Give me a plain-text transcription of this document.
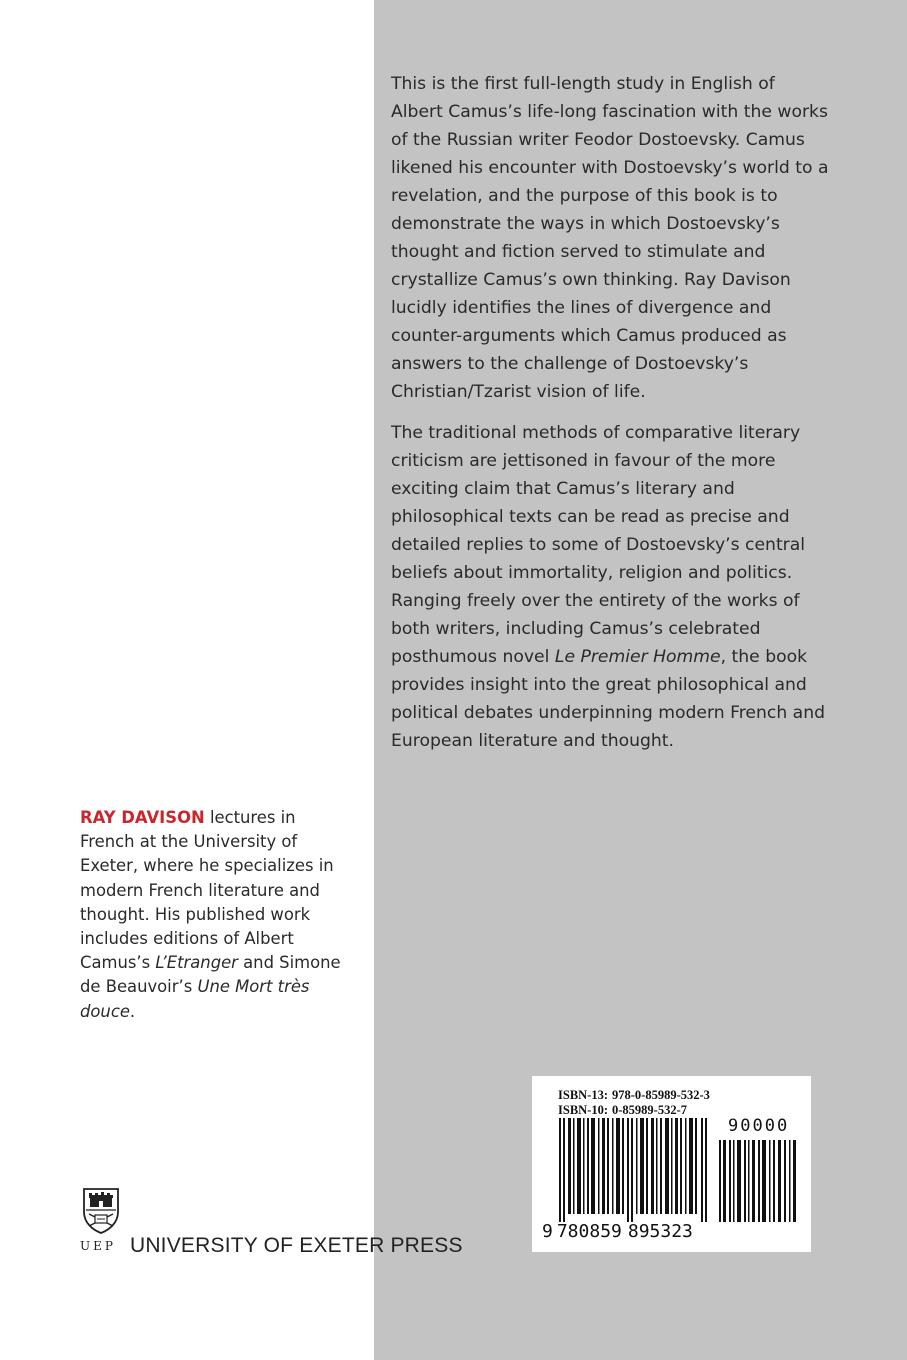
This is the first full-length study in English of Albert Camus’s life-long fascination with the works of the Russian writer Feodor Dostoevsky. Camus likened his encounter with Dostoevsky’s world to a revelation, and the purpose of this book is to demonstrate the ways in which Dostoevsky’s thought and fiction served to stimulate and crystallize Camus’s own thinking. Ray Davison lucidly identifies the lines of divergence and counter-arguments which Camus produced as answers to the challenge of Dostoevsky’s Christian/Tzarist vision of life.

The traditional methods of comparative literary criticism are jettisoned in favour of the more exciting claim that Camus’s literary and philosophical texts can be read as precise and detailed replies to some of Dostoevsky’s central beliefs about immortality, religion and politics. Ranging freely over the entirety of the works of both writers, including Camus’s celebrated posthumous novel Le Premier Homme, the book provides insight into the great philosophical and political debates underpinning modern French and European literature and thought.

RAY DAVISON lectures in French at the University of Exeter, where he specializes in modern French literature and thought. His published work includes editions of Albert Camus’s L’Etranger and Simone de Beauvoir’s Une Mort très douce.
UEP UNIVERSITY OF EXETER PRESS
ISBN-13: 978-0-85989-532-3
ISBN-10: 0-85989-532-7
90000
9 780859 895323
